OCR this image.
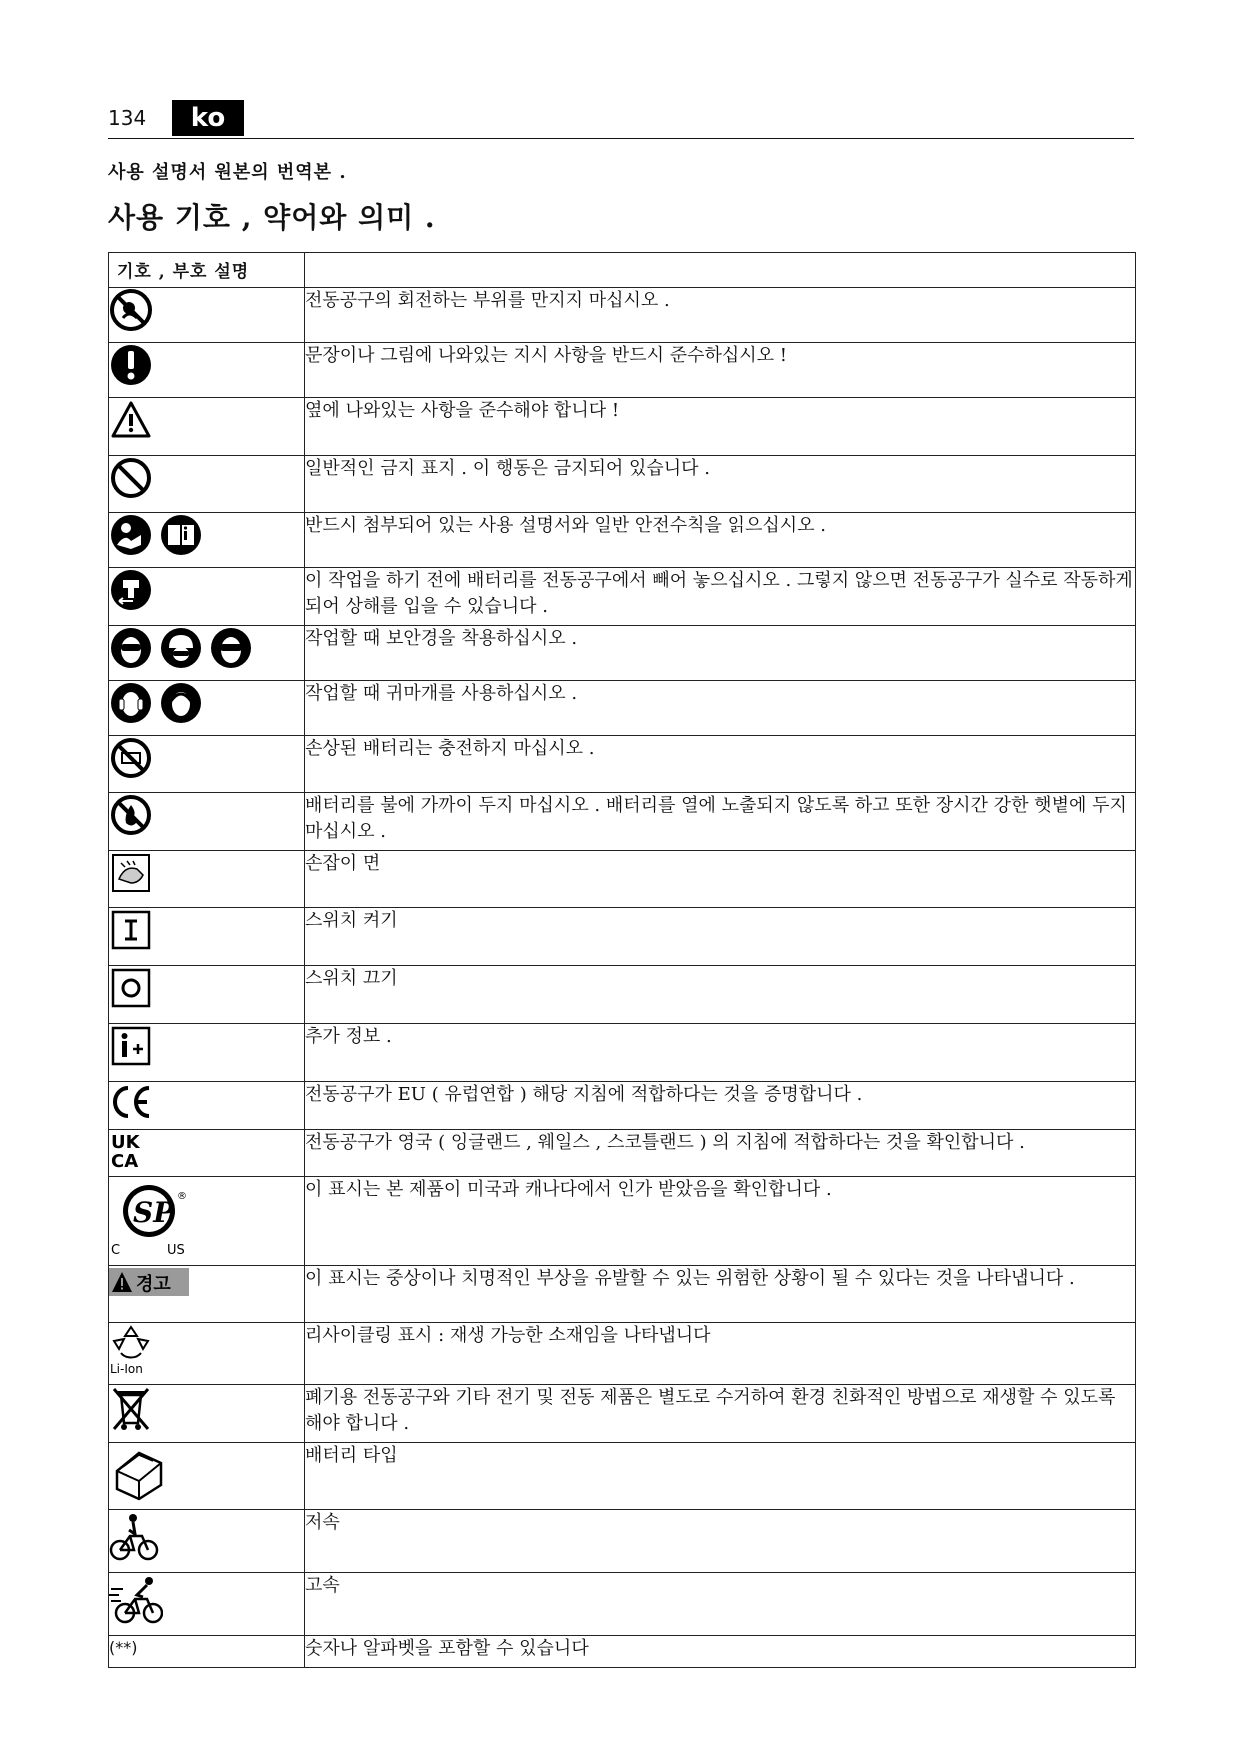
134	ko
사용 설명서 원본의 번역본 .
사용 기호 , 약어와 의미 .
기호 , 부호 설명	

	전동공구의 회전하는 부위를 만지지 마십시오 .

	문장이나 그림에 나와있는 지시 사항을 반드시 준수하십시오 !

	옆에 나와있는 사항을 준수해야 합니다 !

	일반적인 금지 표지 . 이 행동은 금지되어 있습니다 .

	반드시 첨부되어 있는 사용 설명서와 일반 안전수칙을 읽으십시오 .

	이 작업을 하기 전에 배터리를 전동공구에서 빼어 놓으십시오 . 그렇지 않으면 전동공구가 실수로 작동하게 되어 상해를 입을 수 있습니다 .

	작업할 때 보안경을 착용하십시오 .

	작업할 때 귀마개를 사용하십시오 .

	손상된 배터리는 충전하지 마십시오 .

	배터리를 불에 가까이 두지 마십시오 . 배터리를 열에 노출되지 않도록 하고 또한 장시간 강한 햇볕에 두지 마십시오 .

	손잡이 면

	스위치 켜기

	스위치 끄기

	추가 정보 .

	전동공구가 EU ( 유럽연합 ) 해당 지침에 적합하다는 것을 증명합니다 .

UK
CA	전동공구가 영국 ( 잉글랜드 , 웨일스 , 스코틀랜드 ) 의 지침에 적합하다는 것을 확인합니다 .

SP ®
C US	이 표시는 본 제품이 미국과 캐나다에서 인가 받았음을 확인합니다 .

경고	이 표시는 중상이나 치명적인 부상을 유발할 수 있는 위험한 상황이 될 수 있다는 것을 나타냅니다 .

Li-Ion	리사이클링 표시 : 재생 가능한 소재임을 나타냅니다

	폐기용 전동공구와 기타 전기 및 전동 제품은 별도로 수거하여 환경 친화적인 방법으로 재생할 수 있도록 해야 합니다 .

	배터리 타입

	저속

	고속

(**)	숫자나 알파벳을 포함할 수 있습니다
